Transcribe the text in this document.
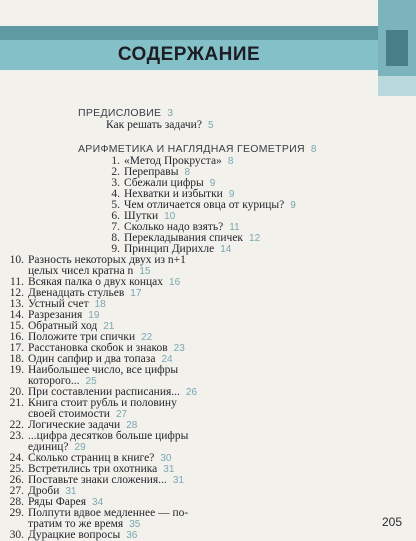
СОДЕРЖАНИЕ
ПРЕДИСЛОВИЕ 3
Как решать задачи? 5
АРИФМЕТИКА И НАГЛЯДНАЯ ГЕОМЕТРИЯ 8
1. «Метод Прокруста» 8
2. Переправы 8
3. Сбежали цифры 9
4. Нехватки и избытки 9
5. Чем отличается овца от курицы? 9
6. Шутки 10
7. Сколько надо взять? 11
8. Перекладывания спичек 12
9. Принцип Дирихле 14
10. Разность некоторых двух из n+1
целых чисел кратна n 15
11. Всякая палка о двух концах 16
12. Двенадцать стульев 17
13. Устный счет 18
14. Разрезания 19
15. Обратный ход 21
16. Положите три спички 22
17. Расстановка скобок и знаков 23
18. Один сапфир и два топаза 24
19. Наибольшее число, все цифры
которого... 25
20. При составлении расписания... 26
21. Книга стоит рубль и половину
своей стоимости 27
22. Логические задачи 28
23. ...цифра десятков больше цифры
единиц? 29
24. Сколько страниц в книге? 30
25. Встретились три охотника 31
26. Поставьте знаки сложения... 31
27. Дроби 31
28. Ряды Фарея 34
29. Полпути вдвое медленнее — по-
тратим то же время 35
30. Дурацкие вопросы 36
205
